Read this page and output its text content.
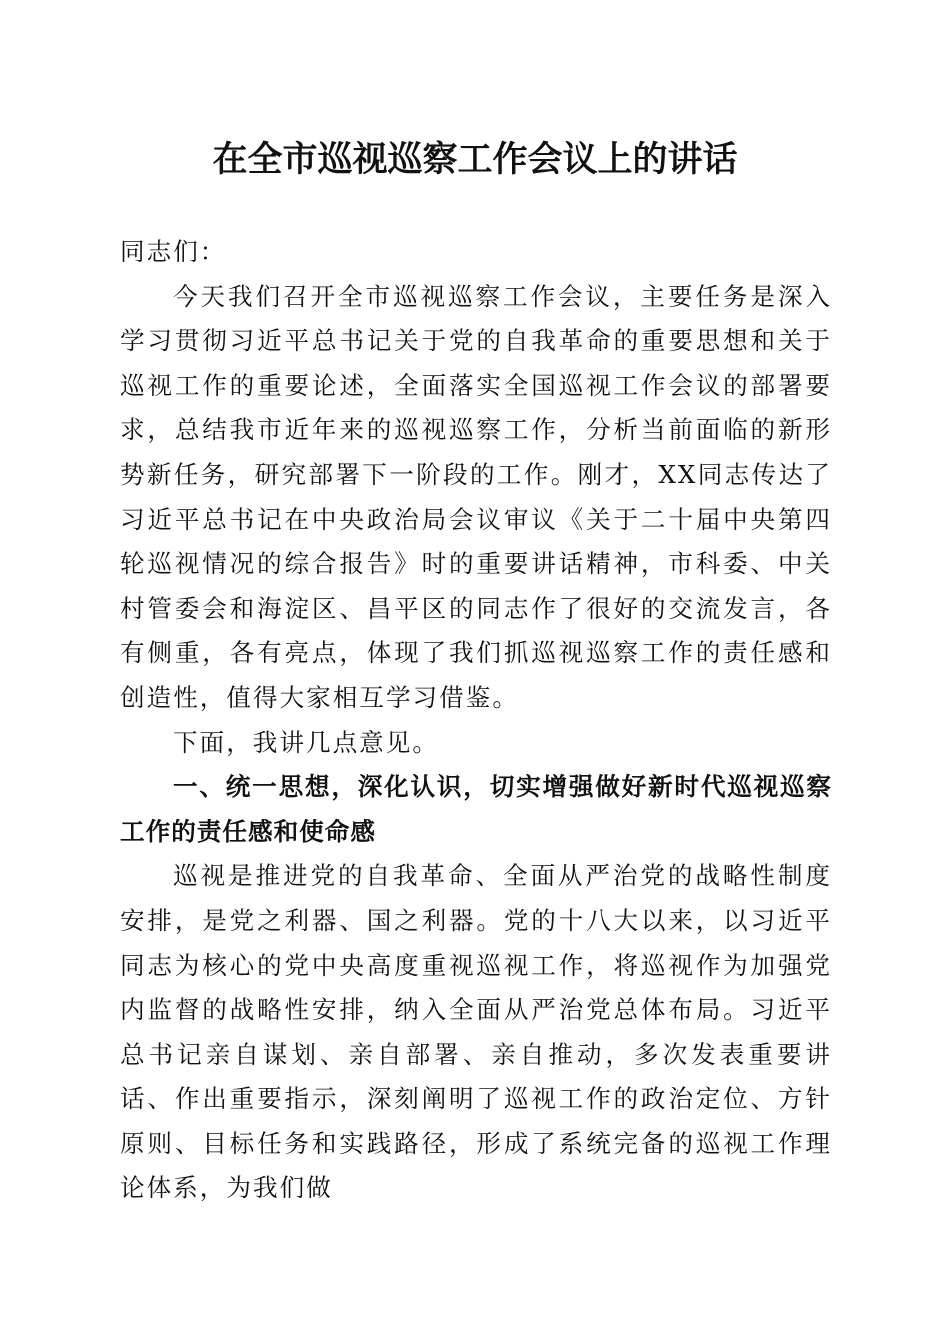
在全市巡视巡察工作会议上的讲话

同志们：

今天我们召开全市巡视巡察工作会议，主要任务是深入学习贯彻习近平总书记关于党的自我革命的重要思想和关于巡视工作的重要论述，全面落实全国巡视工作会议的部署要求，总结我市近年来的巡视巡察工作，分析当前面临的新形势新任务，研究部署下一阶段的工作。刚才，XX同志传达了习近平总书记在中央政治局会议审议《关于二十届中央第四轮巡视情况的综合报告》时的重要讲话精神，市科委、中关村管委会和海淀区、昌平区的同志作了很好的交流发言，各有侧重，各有亮点，体现了我们抓巡视巡察工作的责任感和创造性，值得大家相互学习借鉴。

下面，我讲几点意见。

一、统一思想，深化认识，切实增强做好新时代巡视巡察工作的责任感和使命感

巡视是推进党的自我革命、全面从严治党的战略性制度安排，是党之利器、国之利器。党的十八大以来，以习近平同志为核心的党中央高度重视巡视工作，将巡视作为加强党内监督的战略性安排，纳入全面从严治党总体布局。习近平总书记亲自谋划、亲自部署、亲自推动，多次发表重要讲话、作出重要指示，深刻阐明了巡视工作的政治定位、方针原则、目标任务和实践路径，形成了系统完备的巡视工作理论体系，为我们做
